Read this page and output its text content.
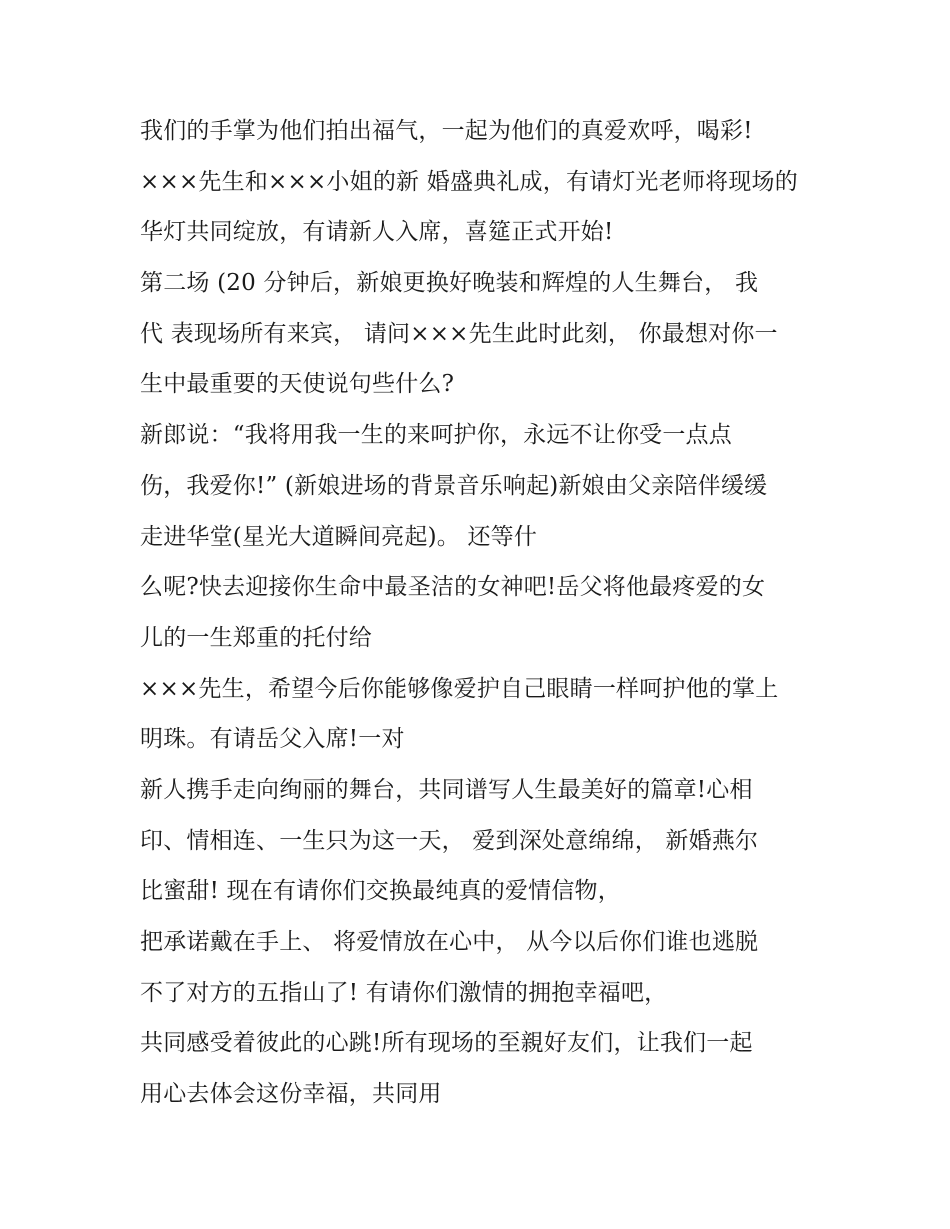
我们的手掌为他们拍出福气，一起为他们的真爱欢呼，喝彩!
×××先生和×××小姐的新 婚盛典礼成，有请灯光老师将现场的
华灯共同绽放，有请新人入席，喜筵正式开始!
第二场 (20 分钟后，新娘更换好晚装和辉煌的人生舞台， 我
代 表现场所有来宾， 请问×××先生此时此刻， 你最想对你一
生中最重要的天使说句些什么?
新郎说：“我将用我一生的来呵护你，永远不让你受一点点
伤，我爱你!” (新娘进场的背景音乐响起)新娘由父亲陪伴缓缓
走进华堂(星光大道瞬间亮起)。 还等什
么呢?快去迎接你生命中最圣洁的女神吧!岳父将他最疼爱的女
儿的一生郑重的托付给
×××先生，希望今后你能够像爱护自己眼睛一样呵护他的掌上
明珠。有请岳父入席!一对
新人携手走向绚丽的舞台，共同谱写人生最美好的篇章!心相
印、情相连、一生只为这一天， 爱到深处意绵绵， 新婚燕尔
比蜜甜! 现在有请你们交换最纯真的爱情信物，
把承诺戴在手上、 将爱情放在心中， 从今以后你们谁也逃脱
不了对方的五指山了! 有请你们激情的拥抱幸福吧，
共同感受着彼此的心跳!所有现场的至親好友们，让我们一起
用心去体会这份幸福，共同用
